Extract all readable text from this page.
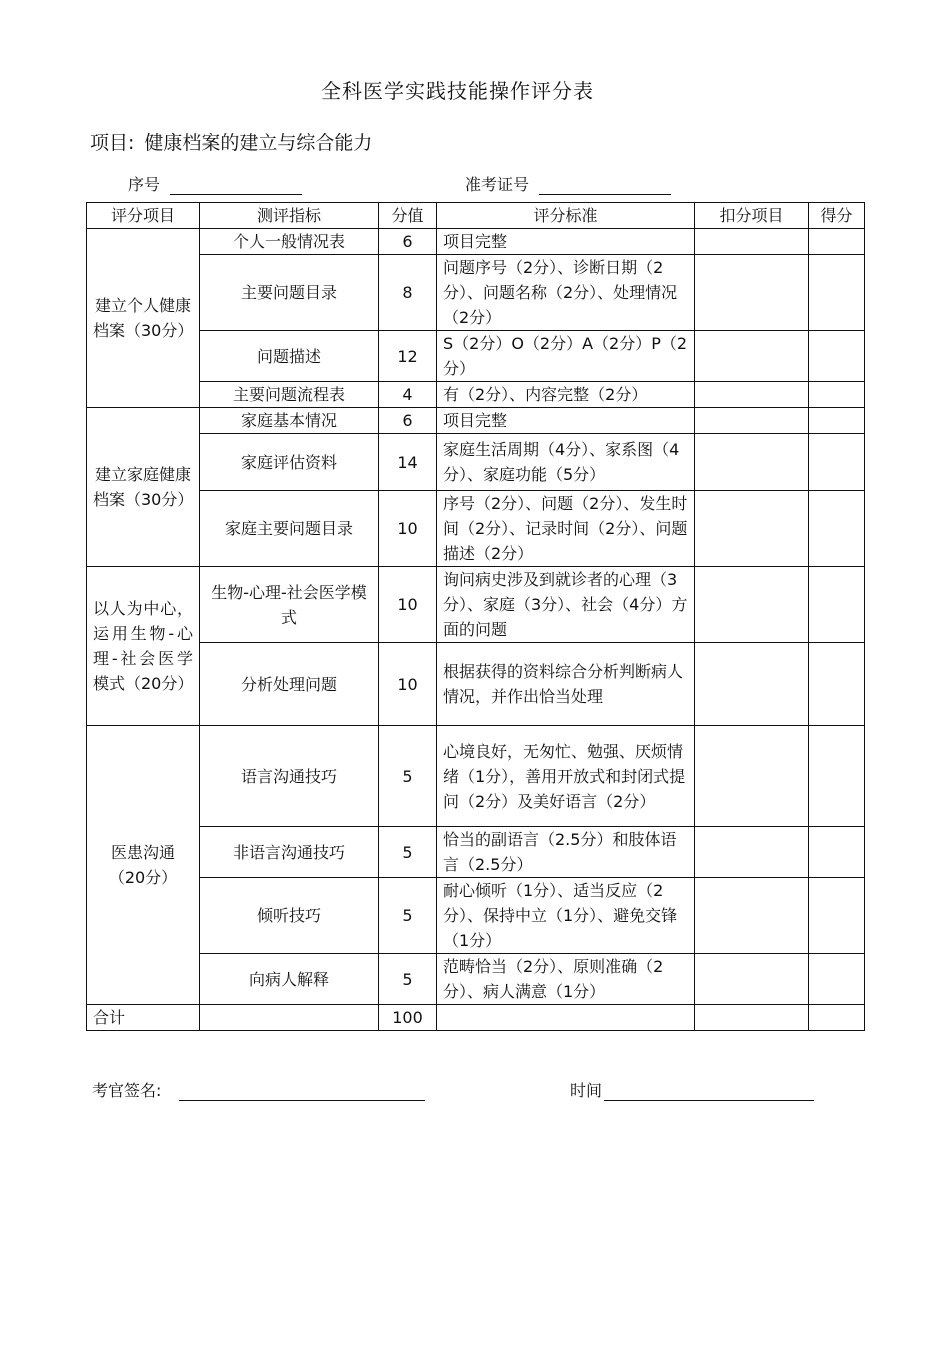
全科医学实践技能操作评分表
项目: 健康档案的建立与综合能力
序号	准考证号
评分项目	测评指标	分值	评分标准	扣分项目	得分
建立个人健康档案（30分）	个人一般情况表	6	项目完整		
	主要问题目录	8	问题序号（2分）、诊断日期（2分）、问题名称（2分）、处理情况（2分）		
	问题描述	12	S（2分）O（2分）A（2分）P（2分）		
	主要问题流程表	4	有（2分）、内容完整（2分）		
建立家庭健康档案（30分）	家庭基本情况	6	项目完整		
	家庭评估资料	14	家庭生活周期（4分）、家系图（4分）、家庭功能（5分）		
	家庭主要问题目录	10	序号（2分）、问题（2分）、发生时间（2分）、记录时间（2分）、问题描述（2分）		
以人为中心，运用生物-心理-社会医学模式（20分）	生物-心理-社会医学模式	10	询问病史涉及到就诊者的心理（3分）、家庭（3分）、社会（4分）方面的问题		
	分析处理问题	10	根据获得的资料综合分析判断病人情况，并作出恰当处理		
医患沟通（20分）	语言沟通技巧	5	心境良好，无匆忙、勉强、厌烦情绪（1分），善用开放式和封闭式提问（2分）及美好语言（2分）		
	非语言沟通技巧	5	恰当的副语言（2.5分）和肢体语言（2.5分）		
	倾听技巧	5	耐心倾听（1分）、适当反应（2分）、保持中立（1分）、避免交锋（1分）		
	向病人解释	5	范畴恰当（2分）、原则准确（2分）、病人满意（1分）		
合计		100			
考官签名:	时间
